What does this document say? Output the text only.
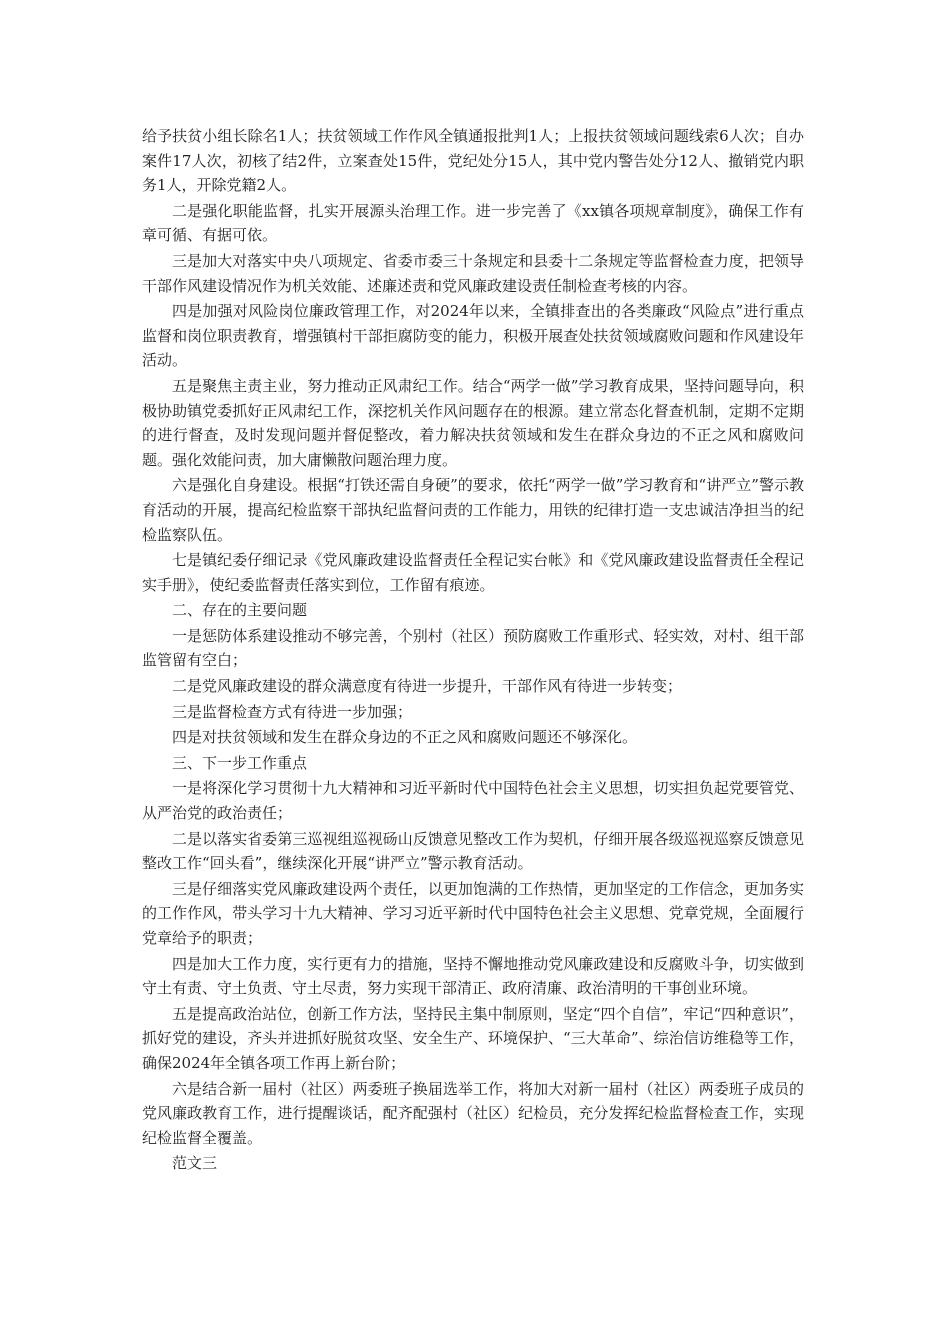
给予扶贫小组长除名1人；扶贫领域工作作风全镇通报批判1人；上报扶贫领域问题线索6人次；自办案件17人次，初核了结2件，立案查处15件，党纪处分15人，其中党内警告处分12人、撤销党内职务1人，开除党籍2人。

二是强化职能监督，扎实开展源头治理工作。进一步完善了《xx镇各项规章制度》，确保工作有章可循、有据可依。

三是加大对落实中央八项规定、省委市委三十条规定和县委十二条规定等监督检查力度，把领导干部作风建设情况作为机关效能、述廉述责和党风廉政建设责任制检查考核的内容。

四是加强对风险岗位廉政管理工作，对2024年以来，全镇排查出的各类廉政“风险点”进行重点监督和岗位职责教育，增强镇村干部拒腐防变的能力，积极开展查处扶贫领域腐败问题和作风建设年活动。

五是聚焦主责主业，努力推动正风肃纪工作。结合“两学一做”学习教育成果，坚持问题导向，积极协助镇党委抓好正风肃纪工作，深挖机关作风问题存在的根源。建立常态化督查机制，定期不定期的进行督查，及时发现问题并督促整改，着力解决扶贫领域和发生在群众身边的不正之风和腐败问题。强化效能问责，加大庸懒散问题治理力度。

六是强化自身建设。根据“打铁还需自身硬”的要求，依托“两学一做”学习教育和“讲严立”警示教育活动的开展，提高纪检监察干部执纪监督问责的工作能力，用铁的纪律打造一支忠诚洁净担当的纪检监察队伍。

七是镇纪委仔细记录《党风廉政建设监督责任全程记实台帐》和《党风廉政建设监督责任全程记实手册》，使纪委监督责任落实到位，工作留有痕迹。

二、存在的主要问题

一是惩防体系建设推动不够完善，个别村（社区）预防腐败工作重形式、轻实效，对村、组干部监管留有空白；

二是党风廉政建设的群众满意度有待进一步提升，干部作风有待进一步转变；

三是监督检查方式有待进一步加强；

四是对扶贫领域和发生在群众身边的不正之风和腐败问题还不够深化。

三、下一步工作重点

一是将深化学习贯彻十九大精神和习近平新时代中国特色社会主义思想，切实担负起党要管党、从严治党的政治责任；

二是以落实省委第三巡视组巡视砀山反馈意见整改工作为契机，仔细开展各级巡视巡察反馈意见整改工作“回头看”，继续深化开展“讲严立”警示教育活动。

三是仔细落实党风廉政建设两个责任，以更加饱满的工作热情，更加坚定的工作信念，更加务实的工作作风，带头学习十九大精神、学习习近平新时代中国特色社会主义思想、党章党规，全面履行党章给予的职责；

四是加大工作力度，实行更有力的措施，坚持不懈地推动党风廉政建设和反腐败斗争，切实做到守土有责、守土负责、守土尽责，努力实现干部清正、政府清廉、政治清明的干事创业环境。

五是提高政治站位，创新工作方法，坚持民主集中制原则，坚定“四个自信”，牢记“四种意识”，抓好党的建设，齐头并进抓好脱贫攻坚、安全生产、环境保护、“三大革命”、综治信访维稳等工作，确保2024年全镇各项工作再上新台阶；

六是结合新一届村（社区）两委班子换届选举工作，将加大对新一届村（社区）两委班子成员的党风廉政教育工作，进行提醒谈话，配齐配强村（社区）纪检员，充分发挥纪检监督检查工作，实现纪检监督全覆盖。

范文三
